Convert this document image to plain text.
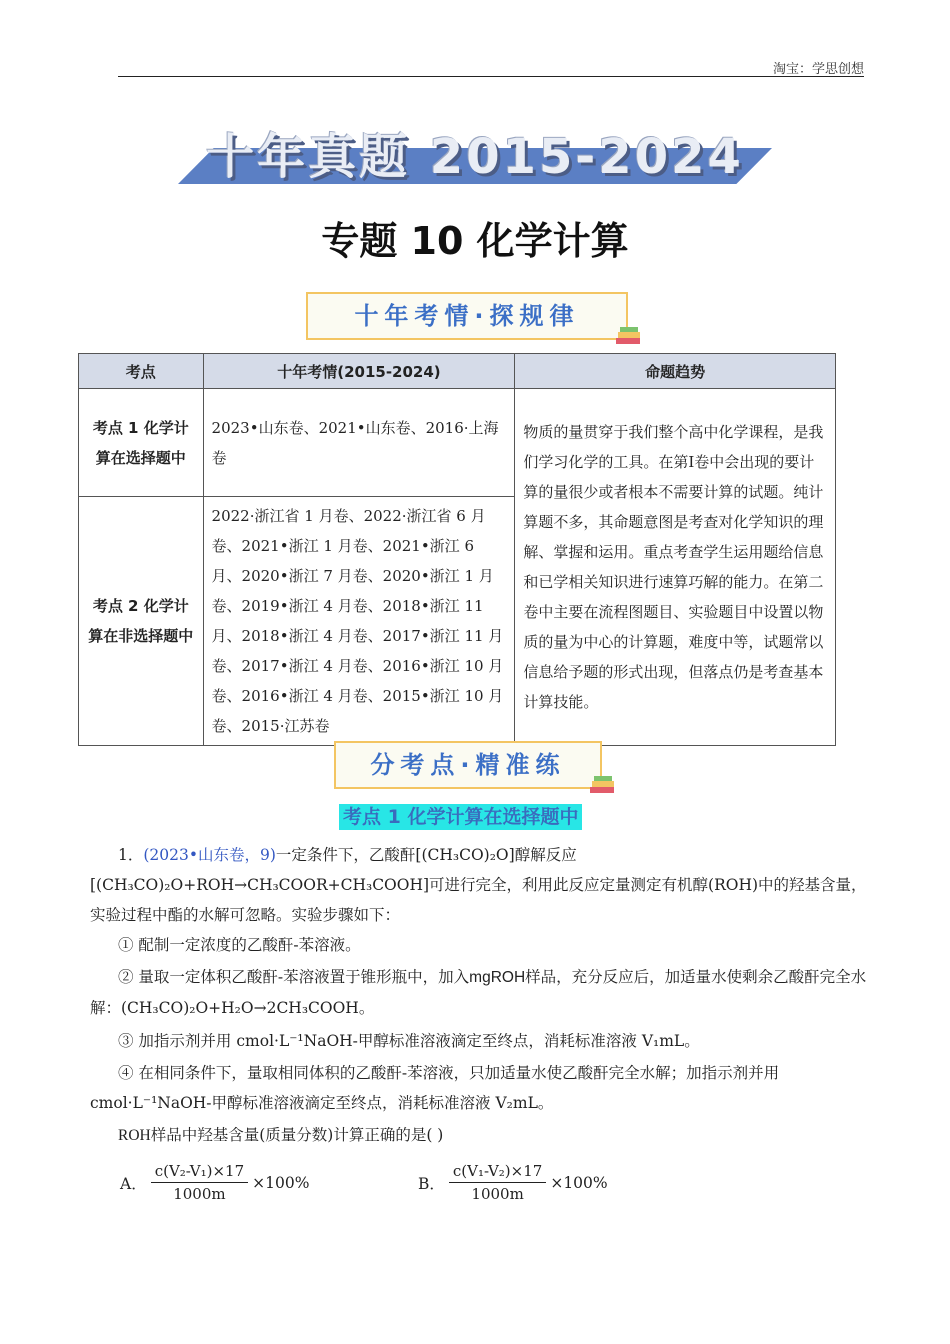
淘宝：学思创想
十年真题 2015-2024
专题 10 化学计算
十年考情·探规律
考点	十年考情(2015-2024)	命题趋势
考点 1 化学计算在选择题中	2023•山东卷、2021•山东卷、2016·上海卷	物质的量贯穿于我们整个高中化学课程，是我们学习化学的工具。在第Ⅰ卷中会出现的要计算的量很少或者根本不需要计算的试题。纯计算题不多，其命题意图是考查对化学知识的理解、掌握和运用。重点考查学生运用题给信息和已学相关知识进行速算巧解的能力。在第二卷中主要在流程图题目、实验题目中设置以物质的量为中心的计算题，难度中等，试题常以信息给予题的形式出现，但落点仍是考查基本计算技能。
考点 2 化学计算在非选择题中	2022·浙江省 1 月卷、2022·浙江省 6 月卷、2021•浙江 1 月卷、2021•浙江 6 月、2020•浙江 7 月卷、2020•浙江 1 月卷、2019•浙江 4 月卷、2018•浙江 11 月、2018•浙江 4 月卷、2017•浙江 11 月卷、2017•浙江 4 月卷、2016•浙江 10 月卷、2016•浙江 4 月卷、2015•浙江 10 月卷、2015·江苏卷	
分考点·精准练
考点 1 化学计算在选择题中
1．(2023•山东卷，9)一定条件下，乙酸酐[(CH₃CO)₂O]醇解反应
[(CH₃CO)₂O+ROH→CH₃COOR+CH₃COOH]可进行完全，利用此反应定量测定有机醇(ROH)中的羟基含量，实验过程中酯的水解可忽略。实验步骤如下：
① 配制一定浓度的乙酸酐-苯溶液。
② 量取一定体积乙酸酐-苯溶液置于锥形瓶中，加入mgROH样品，充分反应后，加适量水使剩余乙酸酐完全水解：(CH₃CO)₂O+H₂O→2CH₃COOH。
③ 加指示剂并用 cmol·L⁻¹NaOH-甲醇标准溶液滴定至终点，消耗标准溶液 V₁mL。
④ 在相同条件下，量取相同体积的乙酸酐-苯溶液，只加适量水使乙酸酐完全水解；加指示剂并用 cmol·L⁻¹NaOH-甲醇标准溶液滴定至终点，消耗标准溶液 V₂mL。
ROH样品中羟基含量(质量分数)计算正确的是( )
A． $\frac{\text{c(V₂-V₁)×17}}{1000m} \times 100\%$	B． $\frac{\text{c(V₁-V₂)×17}}{1000m} \times 100\%$
